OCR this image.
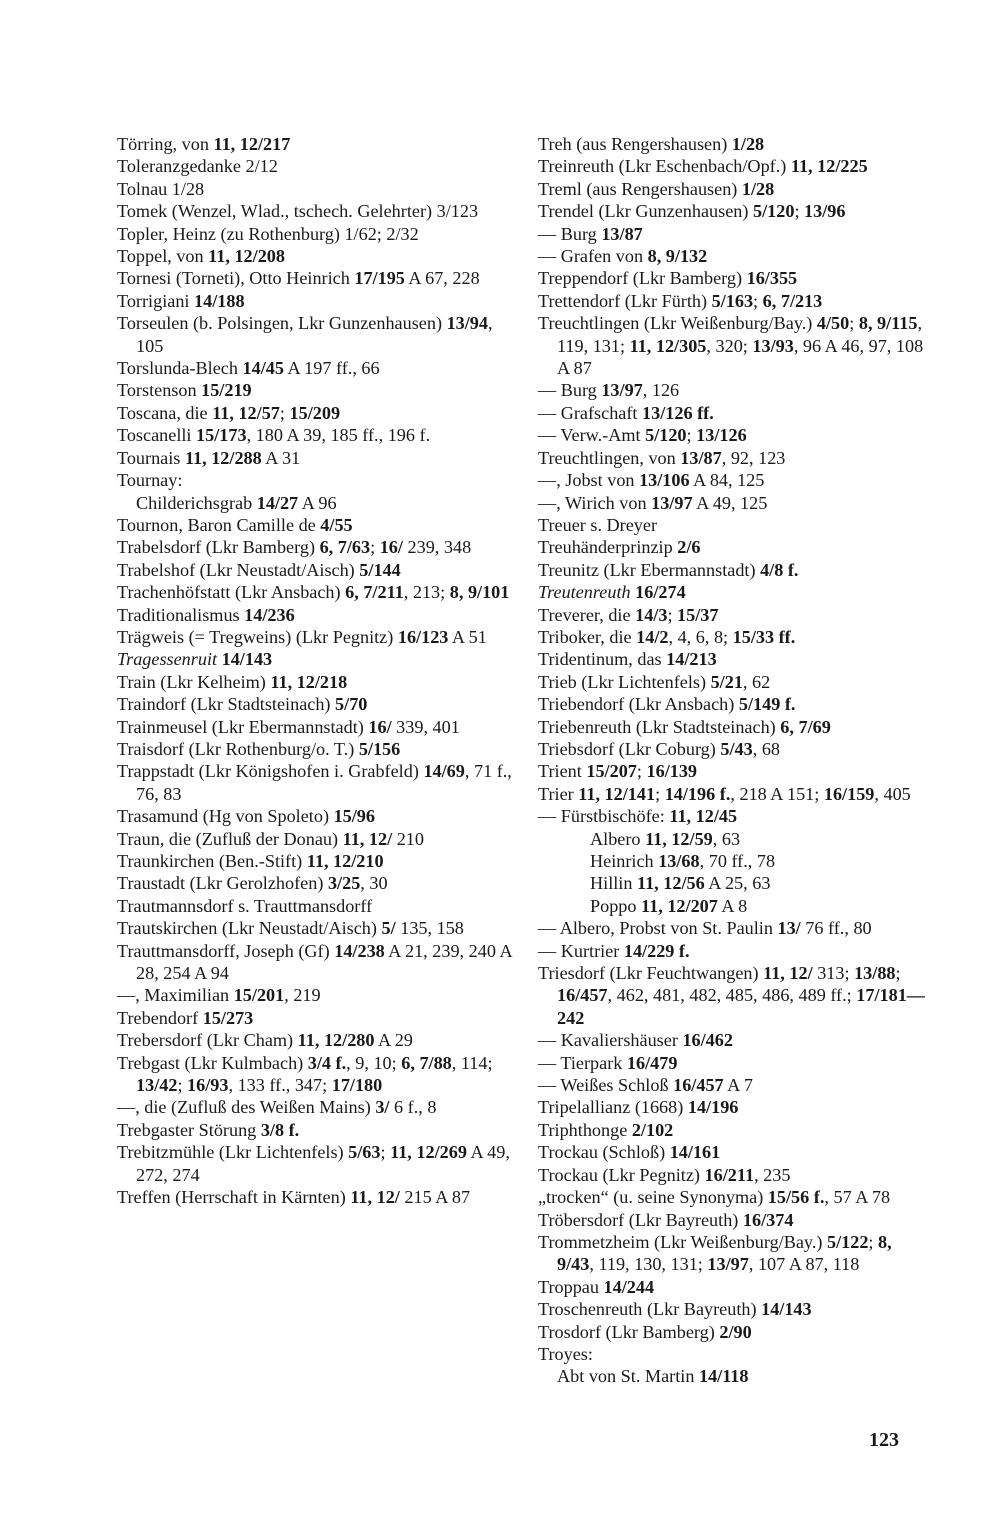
Törring, von 11, 12/217
Toleranzgedanke 2/12
Tolnau 1/28
Tomek (Wenzel, Wlad., tschech. Gelehrter) 3/123
Topler, Heinz (zu Rothenburg) 1/62; 2/32
Toppel, von 11, 12/208
Tornesi (Torneti), Otto Heinrich 17/195 A 67, 228
Torrigiani 14/188
Torseulen (b. Polsingen, Lkr Gunzenhausen) 13/94, 105
Torslunda-Blech 14/45 A 197 ff., 66
Torstenson 15/219
Toscana, die 11, 12/57; 15/209
Toscanelli 15/173, 180 A 39, 185 ff., 196 f.
Tournais 11, 12/288 A 31
Tournay:
Childerichsgrab 14/27 A 96
Tournon, Baron Camille de 4/55
Trabelsdorf (Lkr Bamberg) 6, 7/63; 16/ 239, 348
Trabelshof (Lkr Neustadt/Aisch) 5/144
Trachenhöfstatt (Lkr Ansbach) 6, 7/211, 213; 8, 9/101
Traditionalismus 14/236
Trägweis (= Tregweins) (Lkr Pegnitz) 16/123 A 51
Tragessenruit 14/143
Train (Lkr Kelheim) 11, 12/218
Traindorf (Lkr Stadtsteinach) 5/70
Trainmeusel (Lkr Ebermannstadt) 16/ 339, 401
Traisdorf (Lkr Rothenburg/o. T.) 5/156
Trappstadt (Lkr Königshofen i. Grabfeld) 14/69, 71 f., 76, 83
Trasamund (Hg von Spoleto) 15/96
Traun, die (Zufluß der Donau) 11, 12/ 210
Traunkirchen (Ben.-Stift) 11, 12/210
Traustadt (Lkr Gerolzhofen) 3/25, 30
Trautmannsdorf s. Trauttmansdorff
Trautskirchen (Lkr Neustadt/Aisch) 5/ 135, 158
Trauttmansdorff, Joseph (Gf) 14/238 A 21, 239, 240 A 28, 254 A 94
—, Maximilian 15/201, 219
Trebendorf 15/273
Trebersdorf (Lkr Cham) 11, 12/280 A 29
Trebgast (Lkr Kulmbach) 3/4 f., 9, 10; 6, 7/88, 114; 13/42; 16/93, 133 ff., 347; 17/180
—, die (Zufluß des Weißen Mains) 3/ 6 f., 8
Trebgaster Störung 3/8 f.
Trebitzmühle (Lkr Lichtenfels) 5/63; 11, 12/269 A 49, 272, 274
Treffen (Herrschaft in Kärnten) 11, 12/ 215 A 87
Treh (aus Rengershausen) 1/28
Treinreuth (Lkr Eschenbach/Opf.) 11, 12/225
Treml (aus Rengershausen) 1/28
Trendel (Lkr Gunzenhausen) 5/120; 13/96
— Burg 13/87
— Grafen von 8, 9/132
Treppendorf (Lkr Bamberg) 16/355
Trettendorf (Lkr Fürth) 5/163; 6, 7/213
Treuchtlingen (Lkr Weißenburg/Bay.) 4/50; 8, 9/115, 119, 131; 11, 12/305, 320; 13/93, 96 A 46, 97, 108 A 87
— Burg 13/97, 126
— Grafschaft 13/126 ff.
— Verw.-Amt 5/120; 13/126
Treuchtlingen, von 13/87, 92, 123
—, Jobst von 13/106 A 84, 125
—, Wirich von 13/97 A 49, 125
Treuer s. Dreyer
Treuhänderprinzip 2/6
Treunitz (Lkr Ebermannstadt) 4/8 f.
Treutenreuth 16/274
Treverer, die 14/3; 15/37
Triboker, die 14/2, 4, 6, 8; 15/33 ff.
Tridentinum, das 14/213
Trieb (Lkr Lichtenfels) 5/21, 62
Triebendorf (Lkr Ansbach) 5/149 f.
Triebenreuth (Lkr Stadtsteinach) 6, 7/69
Triebsdorf (Lkr Coburg) 5/43, 68
Trient 15/207; 16/139
Trier 11, 12/141; 14/196 f., 218 A 151; 16/159, 405
— Fürstbischöfe: 11, 12/45
Albero 11, 12/59, 63
Heinrich 13/68, 70 ff., 78
Hillin 11, 12/56 A 25, 63
Poppo 11, 12/207 A 8
— Albero, Probst von St. Paulin 13/ 76 ff., 80
— Kurtrier 14/229 f.
Triesdorf (Lkr Feuchtwangen) 11, 12/ 313; 13/88; 16/457, 462, 481, 482, 485, 486, 489 ff.; 17/181—242
— Kavaliershäuser 16/462
— Tierpark 16/479
— Weißes Schloß 16/457 A 7
Tripelallianz (1668) 14/196
Triphthonge 2/102
Trockau (Schloß) 14/161
Trockau (Lkr Pegnitz) 16/211, 235
„trocken“ (u. seine Synonyma) 15/56 f., 57 A 78
Tröbersdorf (Lkr Bayreuth) 16/374
Trommetzheim (Lkr Weißenburg/Bay.) 5/122; 8, 9/43, 119, 130, 131; 13/97, 107 A 87, 118
Troppau 14/244
Troschenreuth (Lkr Bayreuth) 14/143
Trosdorf (Lkr Bamberg) 2/90
Troyes:
Abt von St. Martin 14/118
123
